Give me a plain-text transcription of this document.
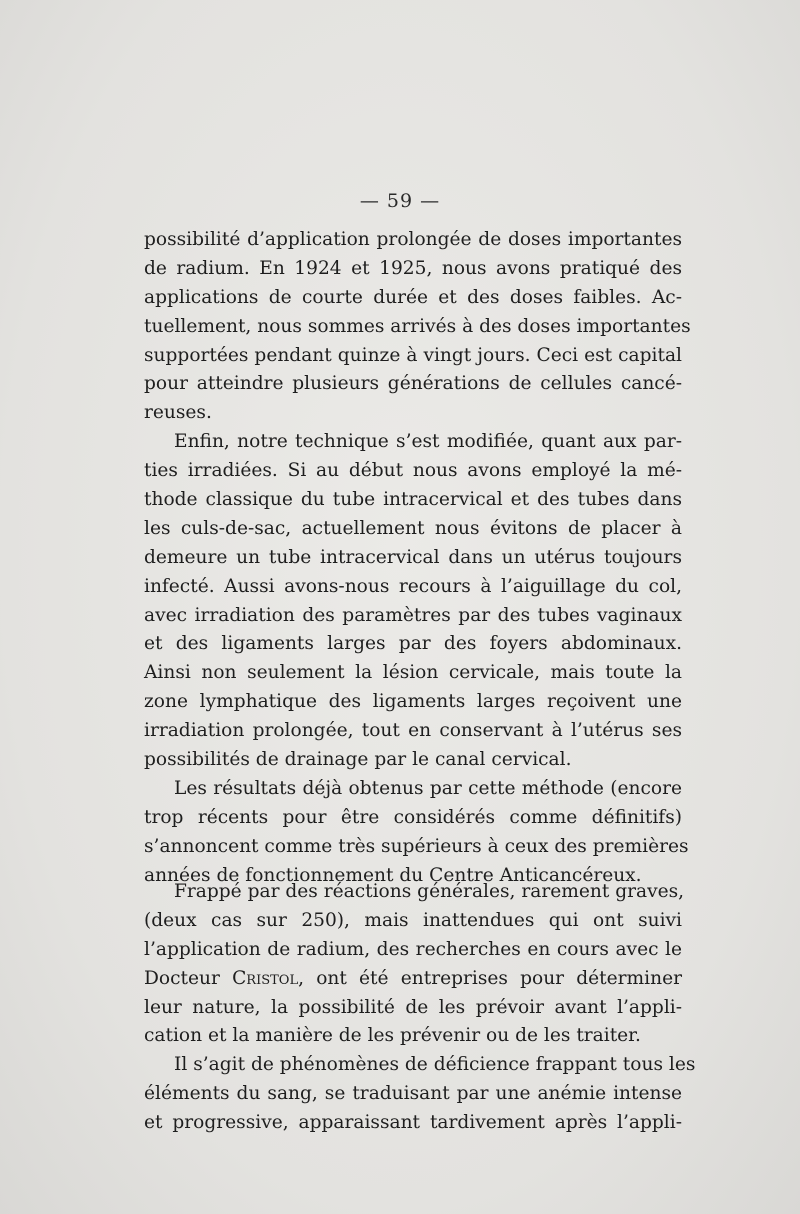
— 59 —
possibilité d’application prolongée de doses importantes
de radium. En 1924 et 1925, nous avons pratiqué des
applications de courte durée et des doses faibles. Ac-
tuellement, nous sommes arrivés à des doses importantes
supportées pendant quinze à vingt jours. Ceci est capital
pour atteindre plusieurs générations de cellules cancé-
reuses.
Enfin, notre technique s’est modifiée, quant aux par-
ties irradiées. Si au début nous avons employé la mé-
thode classique du tube intracervical et des tubes dans
les culs-de-sac, actuellement nous évitons de placer à
demeure un tube intracervical dans un utérus toujours
infecté. Aussi avons-nous recours à l’aiguillage du col,
avec irradiation des paramètres par des tubes vaginaux
et des ligaments larges par des foyers abdominaux.
Ainsi non seulement la lésion cervicale, mais toute la
zone lymphatique des ligaments larges reçoivent une
irradiation prolongée, tout en conservant à l’utérus ses
possibilités de drainage par le canal cervical.
Les résultats déjà obtenus par cette méthode (encore
trop récents pour être considérés comme définitifs)
s’annoncent comme très supérieurs à ceux des premières
années de fonctionnement du Centre Anticancéreux.
Frappé par des réactions générales, rarement graves,
(deux cas sur 250), mais inattendues qui ont suivi
l’application de radium, des recherches en cours avec le
Docteur Cristol, ont été entreprises pour déterminer
leur nature, la possibilité de les prévoir avant l’appli-
cation et la manière de les prévenir ou de les traiter.
Il s’agit de phénomènes de déficience frappant tous les
éléments du sang, se traduisant par une anémie intense
et progressive, apparaissant tardivement après l’appli-
